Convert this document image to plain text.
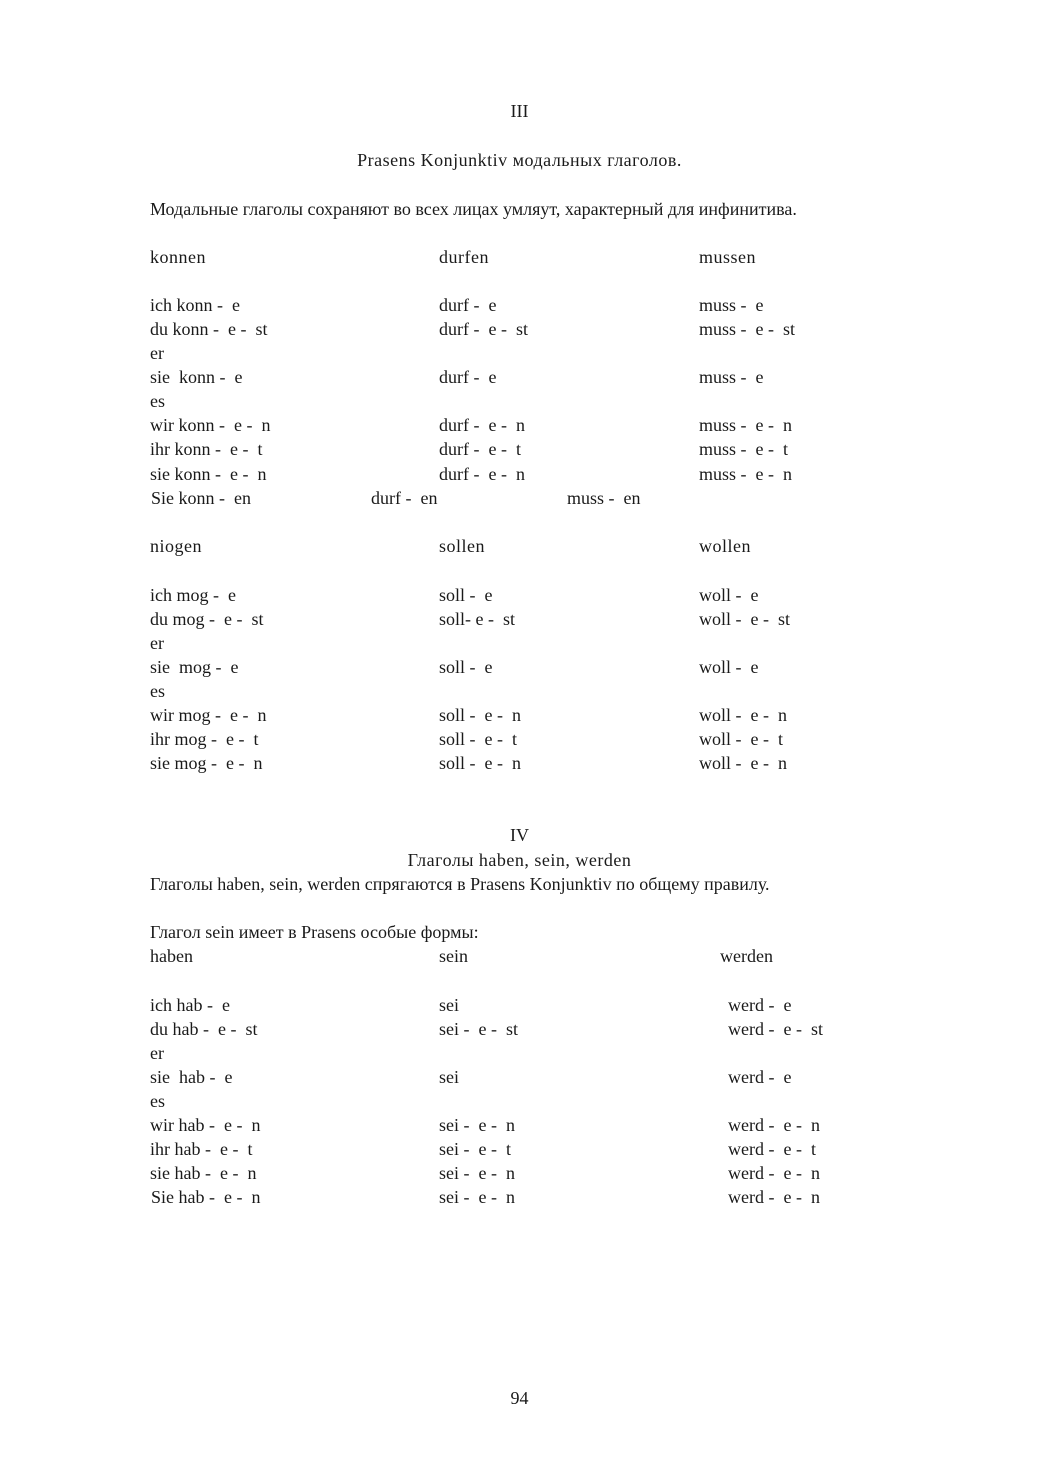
III
Prasens Konjunktiv модальных глаголов.
Модальные глаголы сохраняют во всех лицах умляут, характерный для инфинитива.
konnen	durfen	mussen
ich konn -  e	durf -  e	muss -  e
du konn -  e -  st	durf -  e -  st	muss -  e -  st
er
sie  konn -  e	durf -  e	muss -  e
es
wir konn -  e -  n	durf -  e -  n	muss -  e -  n
ihr konn -  e -  t	durf -  e -  t	muss -  e -  t
sie konn -  e -  n	durf -  e -  n	muss -  e -  n
Sie konn -  en	durf -  en	muss -  en
niogen	sollen	wollen
ich mog -  e	soll -  e	woll -  e
du mog -  e -  st	soll- e -  st	woll -  e -  st
er
sie  mog -  e	soll -  e	woll -  e
es
wir mog -  e -  n	soll -  e -  n	woll -  e -  n
ihr mog -  e -  t	soll -  e -  t	woll -  e -  t
sie mog -  e -  n	soll -  e -  n	woll -  e -  n
IV
Глаголы haben, sein, werden
Глаголы haben, sein, werden спрягаются в Prasens Konjunktiv по общему правилу.
Глагол sein имеет в Prasens особые формы:
haben	sein	werden
ich hab -  e	sei	werd -  e
du hab -  e -  st	sei -  e -  st	werd -  e -  st
er
sie  hab -  e	sei	werd -  e
es
wir hab -  e -  n	sei -  e -  n	werd -  e -  n
ihr hab -  e -  t	sei -  e -  t	werd -  e -  t
sie hab -  e -  n	sei -  e -  n	werd -  e -  n
Sie hab -  e -  n	sei -  e -  n	werd -  e -  n
94
